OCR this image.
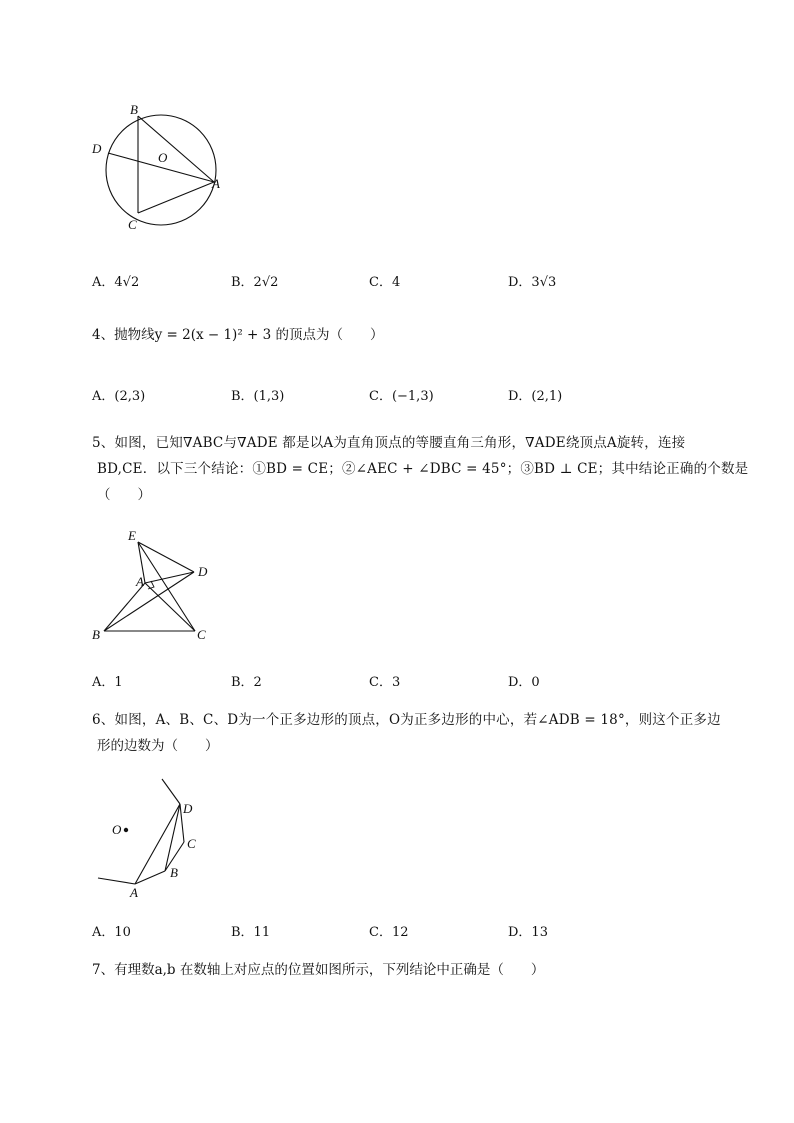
B
D
O
A
C
A．4√2	B．2√2	C．4	D．3√3
4、抛物线y = 2(x − 1)² + 3 的顶点为（　　）
A．(2,3)	B．(1,3)	C．(−1,3)	D．(2,1)
5、如图，已知∇ABC与∇ADE 都是以A为直角顶点的等腰直角三角形，∇ADE绕顶点A旋转，连接
BD,CE．以下三个结论：①BD = CE；②∠AEC + ∠DBC = 45°；③BD ⊥ CE；其中结论正确的个数是
（　　）
E
A
D
B	C
A．1	B．2	C．3	D．0
6、如图，A、B、C、D为一个正多边形的顶点，O为正多边形的中心，若∠ADB = 18°，则这个正多边
形的边数为（　　）
D
O
C
B
A
A．10	B．11	C．12	D．13
7、有理数a,b 在数轴上对应点的位置如图所示，下列结论中正确是（　　）
